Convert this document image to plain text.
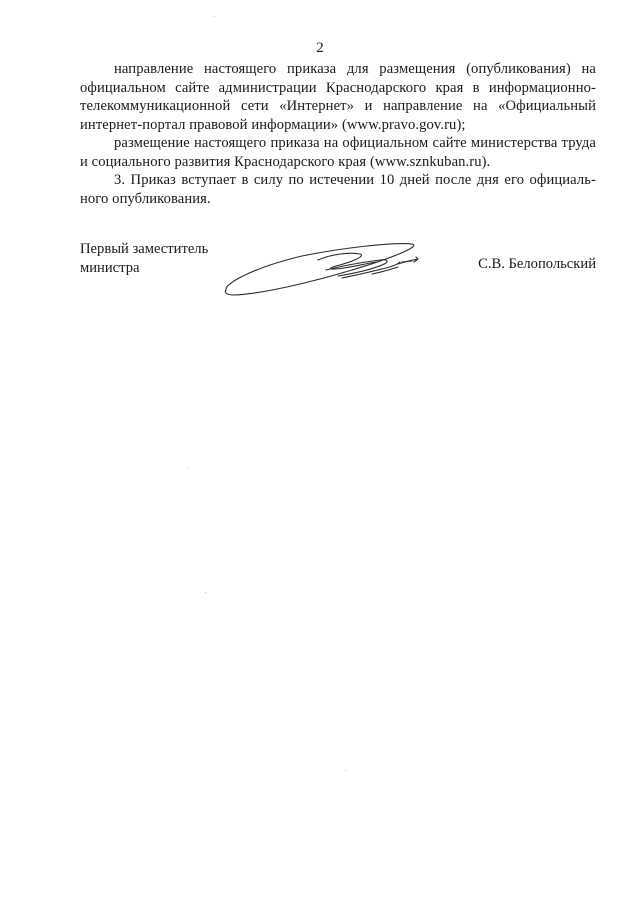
2

направление настоящего приказа для размещения (опубликования) на официальном сайте администрации Краснодарского края в информационно-телекоммуникационной сети «Интернет» и направление на «Официальный интернет-портал правовой информации» (www.pravo.gov.ru);

размещение настоящего приказа на официальном сайте министерства труда и социального развития Краснодарского края (www.sznkuban.ru).

3. Приказ вступает в силу по истечении 10 дней после дня его официаль-ного опубликования.

Первый заместитель
министра	С.В. Белопольский
